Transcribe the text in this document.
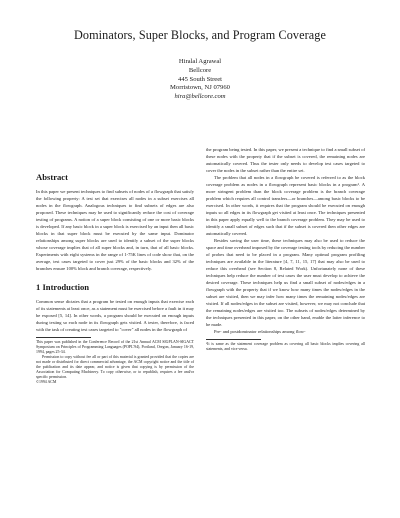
Dominators, Super Blocks, and Program Coverage
Hiralal Agrawal
Bellcore
445 South Street
Morristown, NJ 07960
hira@bellcore.com
Abstract

In this paper we present techniques to find subsets of nodes of a flowgraph that satisfy the following property: A test set that exercises all nodes in a subset exercises all nodes in the flowgraph. Analogous techniques to find subsets of edges are also proposed. These techniques may be used to significantly reduce the cost of coverage testing of programs. A notion of a super block consisting of one or more basic blocks is developed. If any basic block in a super block is exercised by an input then all basic blocks in that super block must be executed by the same input. Dominator relationships among super blocks are used to identify a subset of the super blocks whose coverage implies that of all super blocks and, in turn, that of all basic blocks. Experiments with eight systems in the range of 1-75K lines of code show that, on the average, test cases targeted to cover just 29% of the basic blocks and 32% of the branches ensure 100% block and branch coverage, respectively.

1 Introduction

Common sense dictates that a program be tested on enough inputs that exercise each of its statements at least once, as a statement must be exercised before a fault in it may be exposed [5, 14]. In other words, a program should be executed on enough inputs during testing so each node in its flowgraph gets visited. A tester, therefore, is faced with the task of creating test cases targeted to "cover" all nodes in the flowgraph of

This paper was published in the Conference Record of the 21st Annual ACM SIGPLAN-SIGACT Symposium on Principles of Programming Languages (POPL'94), Portland, Oregon, January 16-19, 1994, pages 25-34.

Permission to copy without fee all or part of this material is granted provided that the copies are not made or distributed for direct commercial advantage, the ACM copyright notice and the title of the publication and its date appear, and notice is given that copying is by permission of the Association for Computing Machinery. To copy otherwise, or to republish, requires a fee and/or specific permission.

©1994 ACM

the program being tested. In this paper, we present a technique to find a small subset of these nodes with the property that if the subset is covered, the remaining nodes are automatically covered. Thus the tester only needs to develop test cases targeted to cover the nodes in the subset rather than the entire set.

The problem that all nodes in a flowgraph be covered is referred to as the block coverage problem as nodes in a flowgraph represent basic blocks in a program¹. A more stringent problem than the block coverage problem is the branch coverage problem which requires all control transfers—or branches—among basic blocks to be exercised. In other words, it requires that the program should be executed on enough inputs so all edges in its flowgraph get visited at least once. The techniques presented in this paper apply equally well to the branch coverage problem. They may be used to identify a small subset of edges such that if the subset is covered then other edges are automatically covered.

Besides saving the user time, these techniques may also be used to reduce the space and time overhead imposed by the coverage testing tools by reducing the number of probes that need to be placed in a program. Many optimal program profiling techniques are available in the literature [4, 7, 11, 15, 17] that may also be used to reduce this overhead (see Section 8, Related Work). Unfortunately none of these techniques help reduce the number of test cases the user must develop to achieve the desired coverage. These techniques help us find a small subset of nodes/edges in a flowgraph with the property that if we know how many times the nodes/edges in the subset are visited, then we may infer how many times the remaining nodes/edges are visited. If all nodes/edges in the subset are visited, however, we may not conclude that the remaining nodes/edges are visited too. The subsets of nodes/edges determined by the techniques presented in this paper, on the other hand, enable the latter inference to be made.

Pre- and postdominator relationships among flow-

¹It is same as the statement coverage problem as covering all basic blocks implies covering all statements, and vice versa.
